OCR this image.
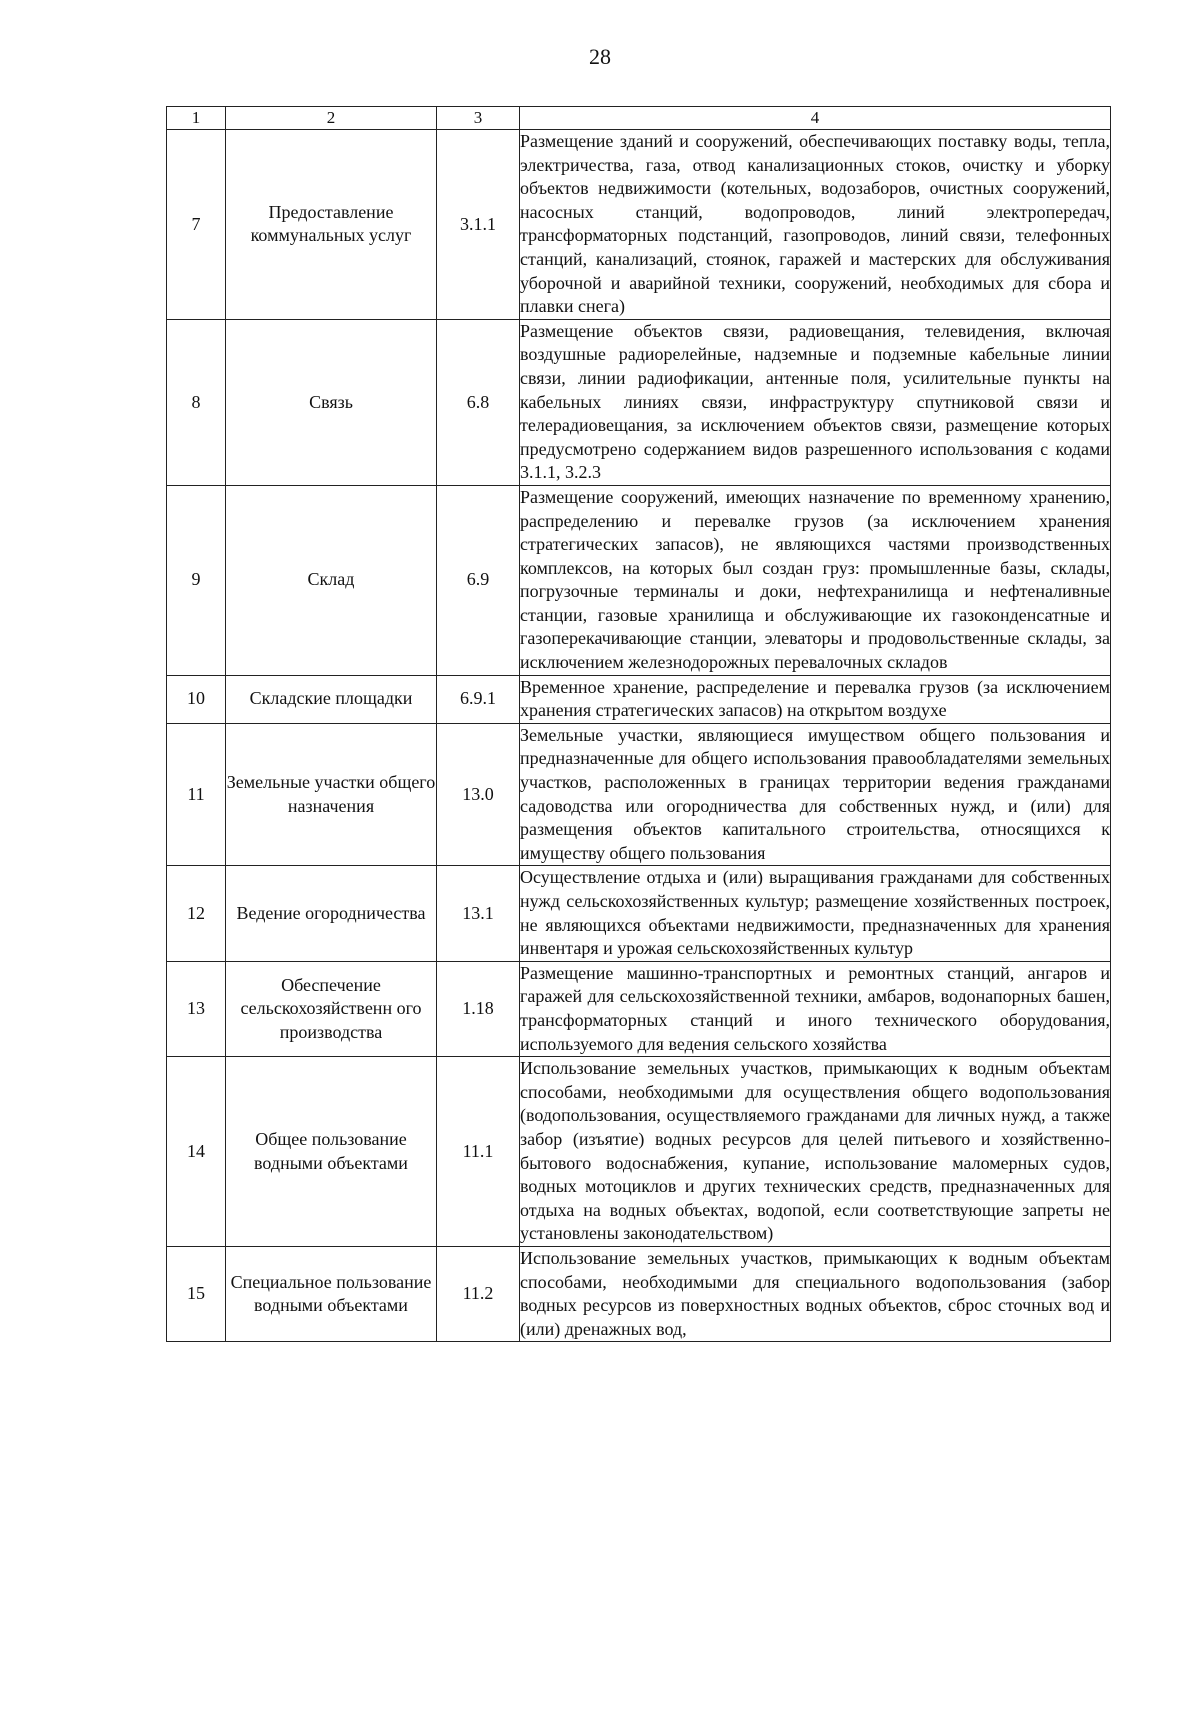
28
1	2	3	4
7	Предоставление коммунальных услуг	3.1.1	Размещение зданий и сооружений, обеспечивающих поставку воды, тепла, электричества, газа, отвод канализационных стоков, очистку и уборку объектов недвижимости (котельных, водозаборов, очистных сооружений, насосных станций, водопроводов, линий электропередач, трансформаторных подстанций, газопроводов, линий связи, телефонных станций, канализаций, стоянок, гаражей и мастерских для обслуживания уборочной и аварийной техники, сооружений, необходимых для сбора и плавки снега)
8	Связь	6.8	Размещение объектов связи, радиовещания, телевидения, включая воздушные радиорелейные, надземные и подземные кабельные линии связи, линии радиофикации, антенные поля, усилительные пункты на кабельных линиях связи, инфраструктуру спутниковой связи и телерадиовещания, за исключением объектов связи, размещение которых предусмотрено содержанием видов разрешенного использования с кодами 3.1.1, 3.2.3
9	Склад	6.9	Размещение сооружений, имеющих назначение по временному хранению, распределению и перевалке грузов (за исключением хранения стратегических запасов), не являющихся частями производственных комплексов, на которых был создан груз: промышленные базы, склады, погрузочные терминалы и доки, нефтехранилища и нефтеналивные станции, газовые хранилища и обслуживающие их газоконденсатные и газоперекачивающие станции, элеваторы и продовольственные склады, за исключением железнодорожных перевалочных складов
10	Складские площадки	6.9.1	Временное хранение, распределение и перевалка грузов (за исключением хранения стратегических запасов) на открытом воздухе
11	Земельные участки общего назначения	13.0	Земельные участки, являющиеся имуществом общего пользования и предназначенные для общего использования правообладателями земельных участков, расположенных в границах территории ведения гражданами садоводства или огородничества для собственных нужд, и (или) для размещения объектов капитального строительства, относящихся к имуществу общего пользования
12	Ведение огородничества	13.1	Осуществление отдыха и (или) выращивания гражданами для собственных нужд сельскохозяйственных культур; размещение хозяйственных построек, не являющихся объектами недвижимости, предназначенных для хранения инвентаря и урожая сельскохозяйственных культур
13	Обеспечение сельскохозяйственн ого производства	1.18	Размещение машинно-транспортных и ремонтных станций, ангаров и гаражей для сельскохозяйственной техники, амбаров, водонапорных башен, трансформаторных станций и иного технического оборудования, используемого для ведения сельского хозяйства
14	Общее пользование водными объектами	11.1	Использование земельных участков, примыкающих к водным объектам способами, необходимыми для осуществления общего водопользования (водопользования, осуществляемого гражданами для личных нужд, а также забор (изъятие) водных ресурсов для целей питьевого и хозяйственно-бытового водоснабжения, купание, использование маломерных судов, водных мотоциклов и других технических средств, предназначенных для отдыха на водных объектах, водопой, если соответствующие запреты не установлены законодательством)
15	Специальное пользование водными объектами	11.2	Использование земельных участков, примыкающих к водным объектам способами, необходимыми для специального водопользования (забор водных ресурсов из поверхностных водных объектов, сброс сточных вод и (или) дренажных вод,
